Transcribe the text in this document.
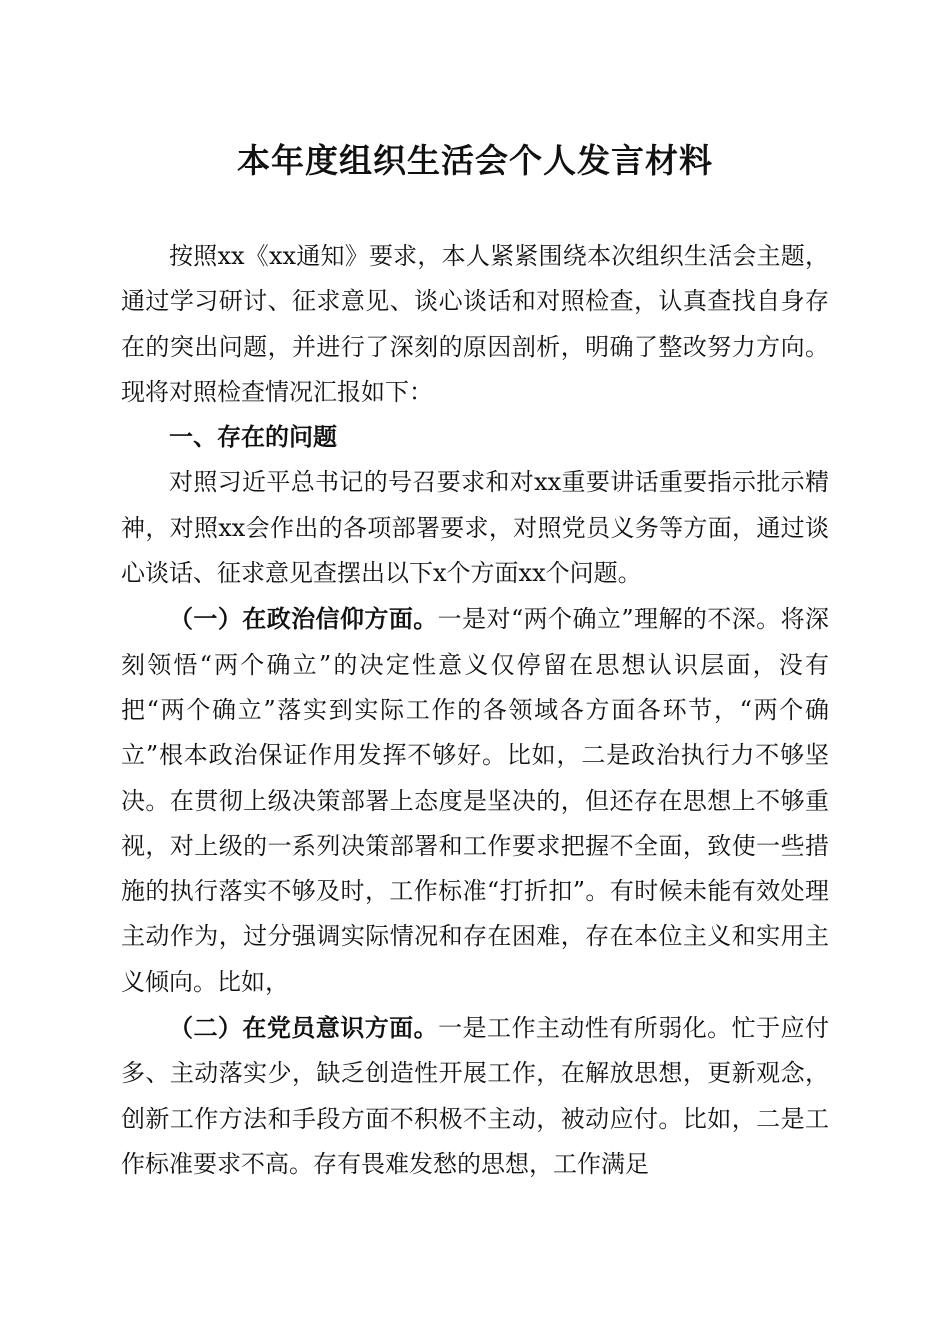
本年度组织生活会个人发言材料

按照xx《xx通知》要求，本人紧紧围绕本次组织生活会主题，通过学习研讨、征求意见、谈心谈话和对照检查，认真查找自身存在的突出问题，并进行了深刻的原因剖析，明确了整改努力方向。现将对照检查情况汇报如下：

一、存在的问题

对照习近平总书记的号召要求和对xx重要讲话重要指示批示精神，对照xx会作出的各项部署要求，对照党员义务等方面，通过谈心谈话、征求意见查摆出以下x个方面xx个问题。

（一）在政治信仰方面。一是对“两个确立”理解的不深。将深刻领悟“两个确立”的决定性意义仅停留在思想认识层面，没有把“两个确立”落实到实际工作的各领域各方面各环节，“两个确立”根本政治保证作用发挥不够好。比如，二是政治执行力不够坚决。在贯彻上级决策部署上态度是坚决的，但还存在思想上不够重视，对上级的一系列决策部署和工作要求把握不全面，致使一些措施的执行落实不够及时，工作标准“打折扣”。有时候未能有效处理主动作为，过分强调实际情况和存在困难，存在本位主义和实用主义倾向。比如，

（二）在党员意识方面。一是工作主动性有所弱化。忙于应付多、主动落实少，缺乏创造性开展工作，在解放思想，更新观念，创新工作方法和手段方面不积极不主动，被动应付。比如，二是工作标准要求不高。存有畏难发愁的思想，工作满足
